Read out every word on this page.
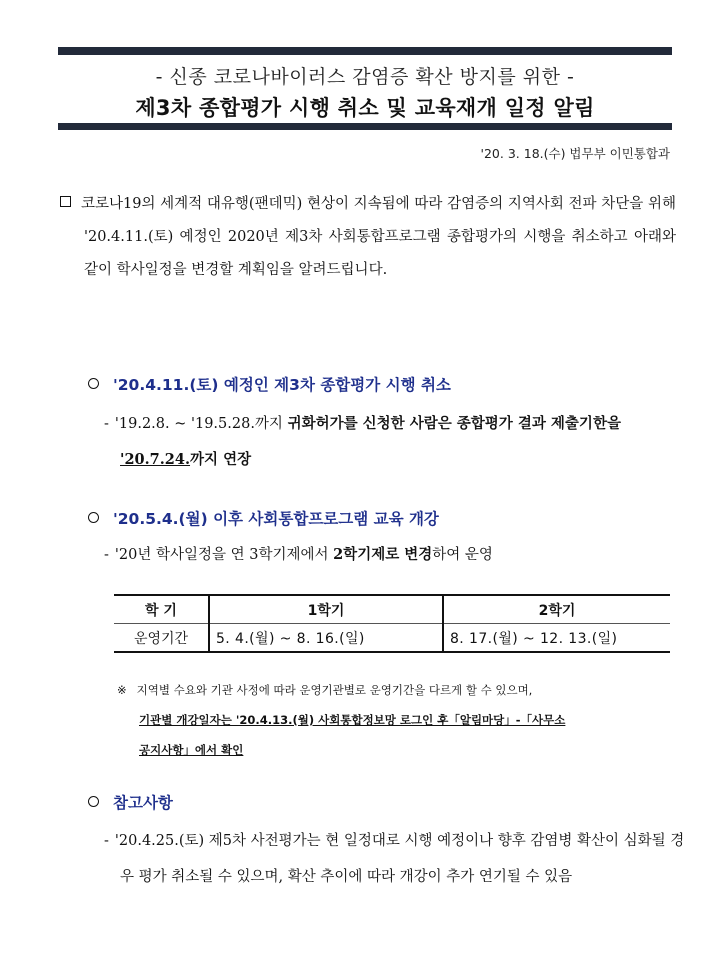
- 신종 코로나바이러스 감염증 확산 방지를 위한 -
제3차 종합평가 시행 취소 및 교육재개 일정 알림
'20. 3. 18.(수) 법무부 이민통합과
코로나19의 세계적 대유행(팬데믹) 현상이 지속됨에 따라 감염증의 지역사회 전파 차단을 위해 '20.4.11.(토) 예정인 2020년 제3차 사회통합프로그램 종합평가의 시행을 취소하고 아래와 같이 학사일정을 변경할 계획임을 알려드립니다.
'20.4.11.(토) 예정인 제3차 종합평가 시행 취소
- '19.2.8. ~ '19.5.28.까지 귀화허가를 신청한 사람은 종합평가 결과 제출기한을 '20.7.24.까지 연장
'20.5.4.(월) 이후 사회통합프로그램 교육 개강
- '20년 학사일정을 연 3학기제에서 2학기제로 변경하여 운영
학 기	1학기	2학기
운영기간	5. 4.(월) ~ 8. 16.(일)	8. 17.(월) ~ 12. 13.(일)
※ 지역별 수요와 기관 사정에 따라 운영기관별로 운영기간을 다르게 할 수 있으며,
기관별 개강일자는 '20.4.13.(월) 사회통합정보망 로그인 후「알림마당」-「사무소
공지사항」에서 확인
참고사항
- '20.4.25.(토) 제5차 사전평가는 현 일정대로 시행 예정이나 향후 감염병 확산이 심화될 경우 평가 취소될 수 있으며, 확산 추이에 따라 개강이 추가 연기될 수 있음
